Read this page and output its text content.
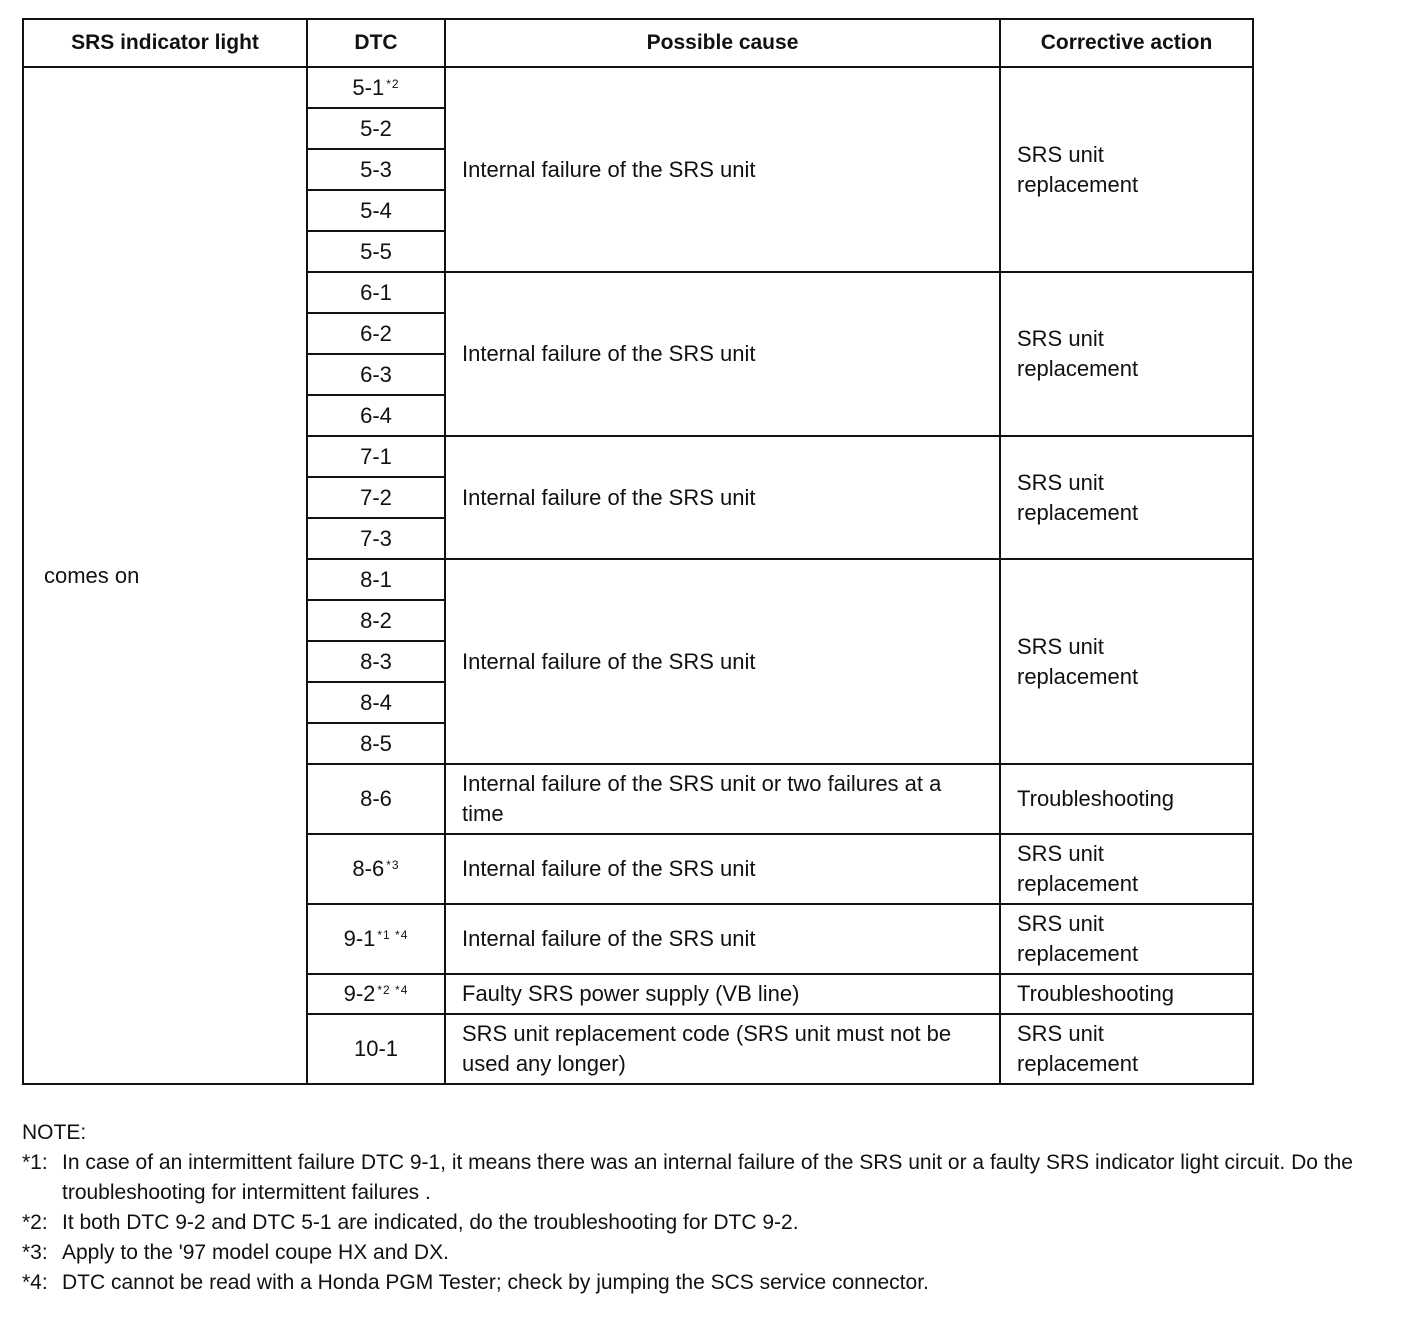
SRS indicator light	DTC	Possible cause	Corrective action
comes on	5-1 $^{*2}$	Internal failure of the SRS unit	SRS unit replacement
	5-2		
	5-3		
	5-4		
	5-5		
	6-1	Internal failure of the SRS unit	SRS unit replacement
	6-2		
	6-3		
	6-4		
	7-1	Internal failure of the SRS unit	SRS unit replacement
	7-2		
	7-3		
	8-1	Internal failure of the SRS unit	SRS unit replacement
	8-2		
	8-3		
	8-4		
	8-5		
	8-6	Internal failure of the SRS unit or two failures at a time	Troubleshooting
	8-6 $^{*3}$	Internal failure of the SRS unit	SRS unit replacement
	9-1 $^{*1 *4}$	Internal failure of the SRS unit	SRS unit replacement
	9-2 $^{*2 *4}$	Faulty SRS power supply (VB line)	Troubleshooting
	10-1	SRS unit replacement code (SRS unit must not be used any longer)	SRS unit replacement
NOTE:
*1: In case of an intermittent failure DTC 9-1, it means there was an internal failure of the SRS unit or a faulty SRS indicator light circuit. Do the troubleshooting for intermittent failures .
*2: It both DTC 9-2 and DTC 5-1 are indicated, do the troubleshooting for DTC 9-2.
*3: Apply to the '97 model coupe HX and DX.
*4: DTC cannot be read with a Honda PGM Tester; check by jumping the SCS service connector.
